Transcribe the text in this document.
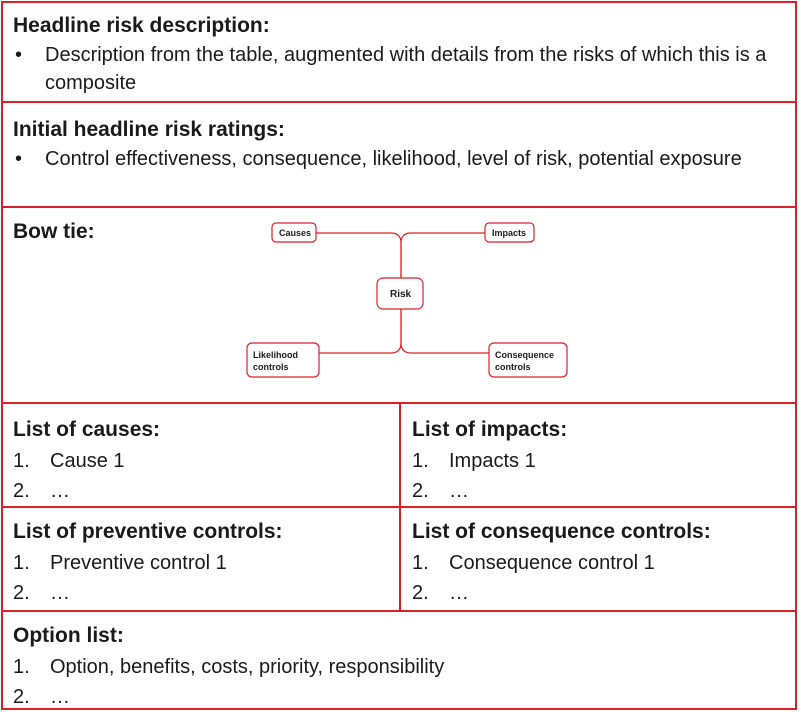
Headline risk description:
• Description from the table, augmented with details from the risks of which this is a composite
Initial headline risk ratings:
• Control effectiveness, consequence, likelihood, level of risk, potential exposure
Bow tie:	Causes	Impacts
Risk
Likelihood
controls
Consequence
controls
List of causes:
1. Cause 1
2. …
List of impacts:
1. Impacts 1
2. …
List of preventive controls:
1. Preventive control 1
2. …
List of consequence controls:
1. Consequence control 1
2. …
Option list:
1. Option, benefits, costs, priority, responsibility
2. …
